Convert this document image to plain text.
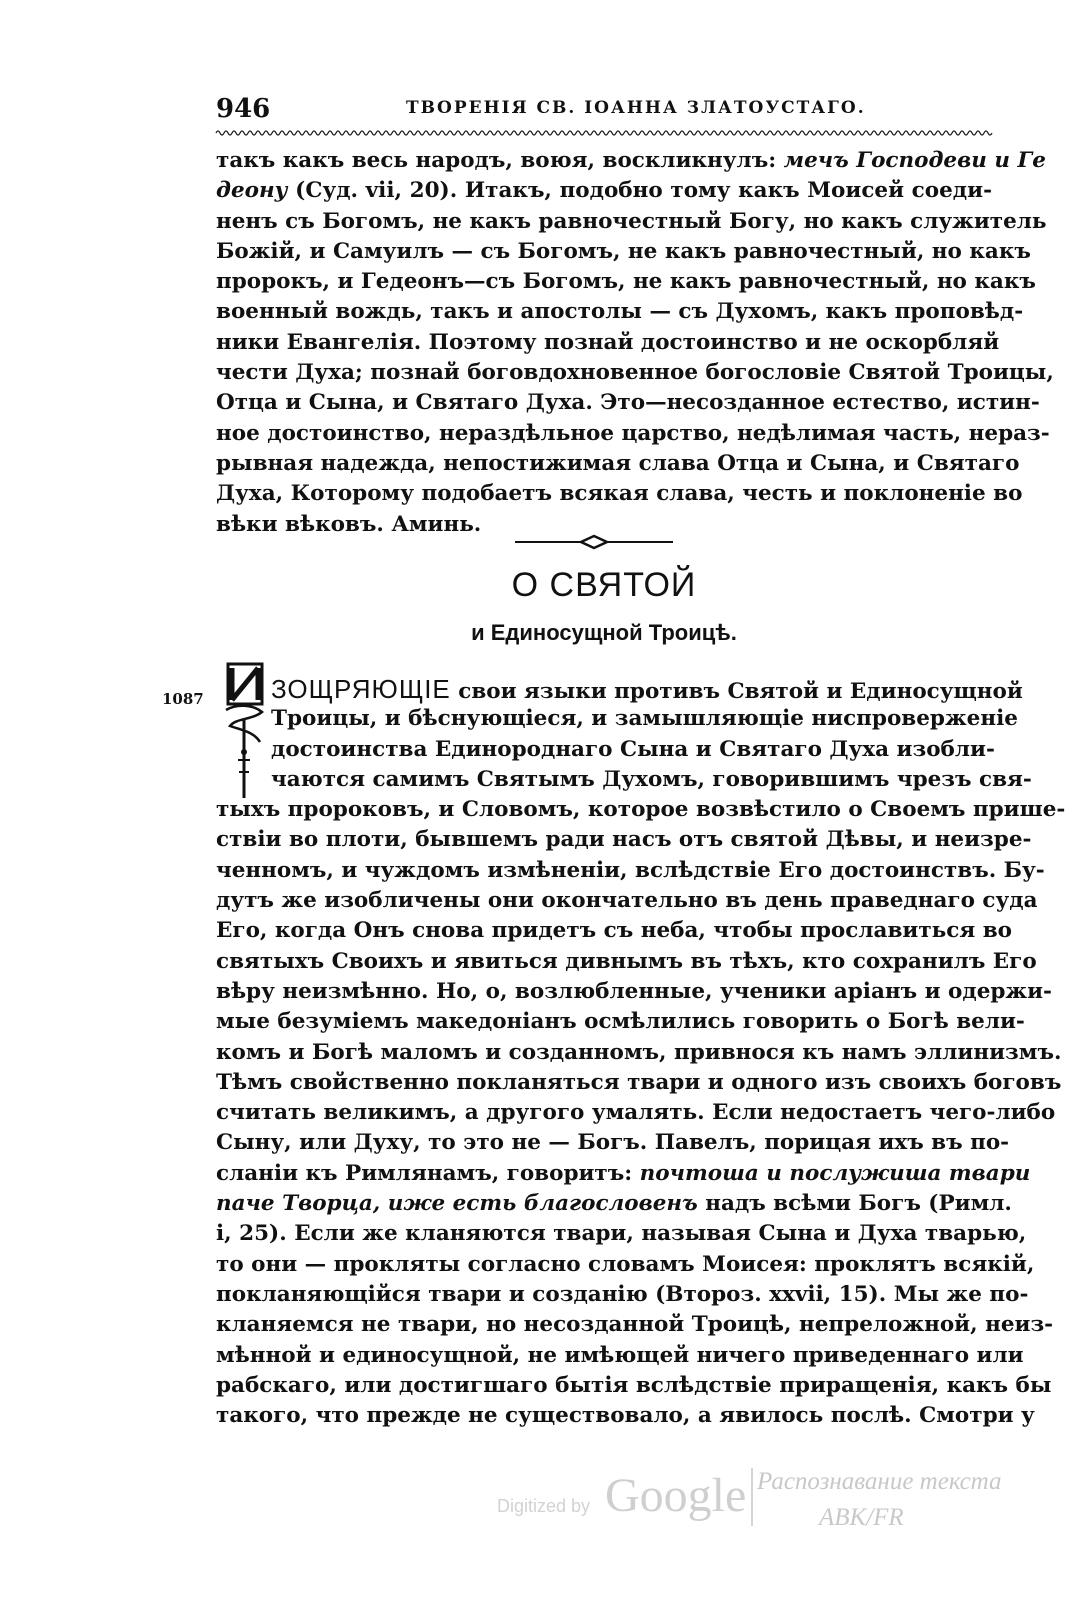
946	ТВОРЕНІЯ СВ. ІОАННА ЗЛАТОУСТАГО.
такъ какъ весь народъ, воюя, воскликнулъ: мечъ Господеви и Ге
деону (Суд. vii, 20). Итакъ, подобно тому какъ Моисей соеди-
ненъ съ Богомъ, не какъ равночестный Богу, но какъ служитель
Божій, и Самуилъ — съ Богомъ, не какъ равночестный, но какъ
пророкъ, и Гедеонъ—съ Богомъ, не какъ равночестный, но какъ
военный вождь, такъ и апостолы — съ Духомъ, какъ проповѣд-
ники Евангелія. Поэтому познай достоинство и не оскорбляй
чести Духа; познай боговдохновенное богословіе Святой Троицы,
Отца и Сына, и Святаго Духа. Это—несозданное естество, истин-
ное достоинство, нераздѣльное царство, недѣлимая часть, нераз-
рывная надежда, непостижимая слава Отца и Сына, и Святаго
Духа, Которому подобаетъ всякая слава, честь и поклоненіе во
вѣки вѣковъ. Аминь.
О СВЯТОЙ
и Единосущной Троицѣ.
1087	ЗОЩРЯЮЩІЕ свои языки противъ Святой и Единосущной
Троицы, и бѣснующіеся, и замышляющіе ниспроверженіе
достоинства Единороднаго Сына и Святаго Духа изобли-
чаются самимъ Святымъ Духомъ, говорившимъ чрезъ свя-
тыхъ пророковъ, и Словомъ, которое возвѣстило о Своемъ прише-
ствіи во плоти, бывшемъ ради насъ отъ святой Дѣвы, и неизре-
ченномъ, и чуждомъ измѣненіи, вслѣдствіе Его достоинствъ. Бу-
дутъ же изобличены они окончательно въ день праведнаго суда
Его, когда Онъ снова придетъ съ неба, чтобы прославиться во
святыхъ Своихъ и явиться дивнымъ въ тѣхъ, кто сохранилъ Его
вѣру неизмѣнно. Но, о, возлюбленные, ученики аріанъ и одержи-
мые безуміемъ македоніанъ осмѣлились говорить о Богѣ вели-
комъ и Богѣ маломъ и созданномъ, привнося къ намъ эллинизмъ.
Тѣмъ свойственно покланяться твари и одного изъ своихъ боговъ
считать великимъ, а другого умалять. Если недостаетъ чего-либо
Сыну, или Духу, то это не — Богъ. Павелъ, порицая ихъ въ по-
сланіи къ Римлянамъ, говоритъ: почтоша и послужиша твари
паче Творца, иже есть благословенъ надъ всѣми Богъ (Римл.
і, 25). Если же кланяются твари, называя Сына и Духа тварью,
то они — прокляты согласно словамъ Моисея: проклятъ всякій,
покланяющійся твари и созданію (Второз. xxvii, 15). Мы же по-
кланяемся не твари, но несозданной Троицѣ, непреложной, неиз-
мѣнной и единосущной, не имѣющей ничего приведеннаго или
рабскаго, или достигшаго бытія вслѣдствіе приращенія, какъ бы
такого, что прежде не существовало, а явилось послѣ. Смотри у
Digitized by Google Распознавание текста
ABK/FR
